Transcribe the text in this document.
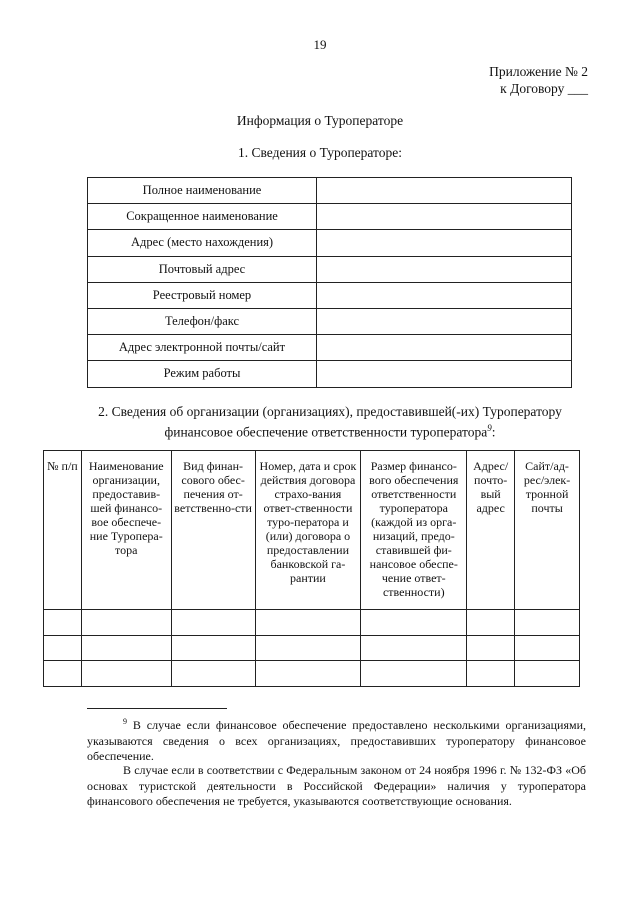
19
Приложение № 2
к Договору ___
Информация о Туроператоре
1. Сведения о Туроператоре:
Полное наименование	
Сокращенное наименование	
Адрес (место нахождения)	
Почтовый адрес	
Реестровый номер	
Телефон/факс	
Адрес электронной почты/сайт	
Режим работы	
2. Сведения об организации (организациях), предоставившей(-их) Туроператору
финансовое обеспечение ответственности туроператора$^9$:
№ п/п	Наименование организации, предоставив-шей финансо-вое обеспече-ние Туропера-тора	Вид финан-сового обес-печения от-ветственно-сти	Номер, дата и срок действия договора страхо-вания ответ-ственности туро-ператора и (или) договора о предоставлении банковской га-рантии	Размер финансо-вого обеспечения ответственности туроператора (каждой из орга-низаций, предо-ставившей фи-нансовое обеспе-чение ответ-ственности)	Адрес/ почто-вый адрес	Сайт/ад-рес/элек-тронной почты

$^9$ В случае если финансовое обеспечение предоставлено несколькими организациями, указываются сведения о всех организациях, предоставивших туроператору финансовое обеспечение.
В случае если в соответствии с Федеральным законом от 24 ноября 1996 г. № 132-ФЗ «Об основах туристской деятельности в Российской Федерации» наличия у туроператора финансового обеспечения не требуется, указываются соответствующие основания.
